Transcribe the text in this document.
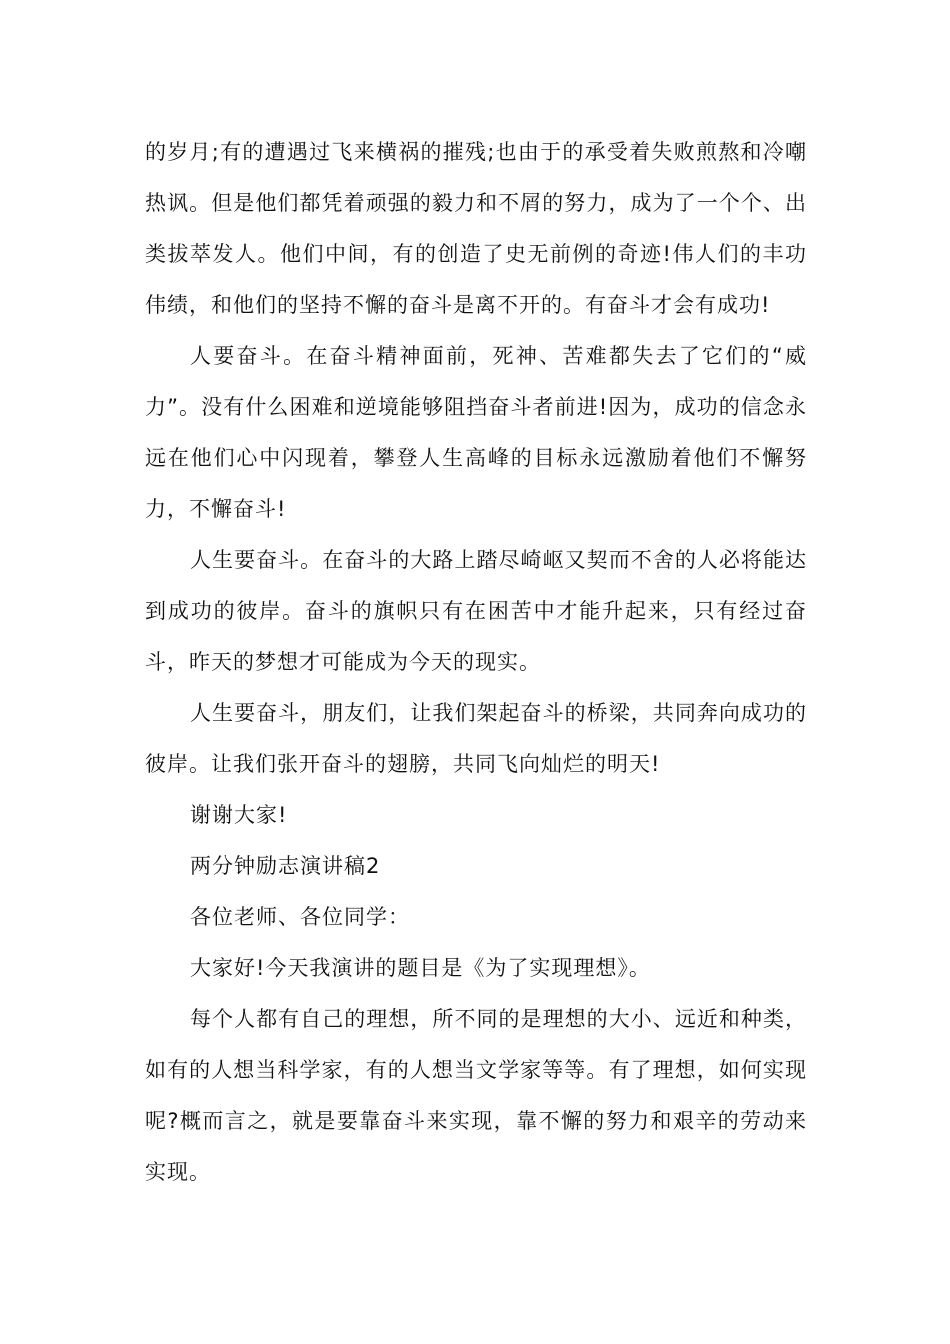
的岁月;有的遭遇过飞来横祸的摧残;也由于的承受着失败煎熬和冷嘲热讽。但是他们都凭着顽强的毅力和不屑的努力，成为了一个个、出类拔萃发人。他们中间，有的创造了史无前例的奇迹!伟人们的丰功伟绩，和他们的坚持不懈的奋斗是离不开的。有奋斗才会有成功!

人要奋斗。在奋斗精神面前，死神、苦难都失去了它们的“威力”。没有什么困难和逆境能够阻挡奋斗者前进!因为，成功的信念永远在他们心中闪现着，攀登人生高峰的目标永远激励着他们不懈努力，不懈奋斗!

人生要奋斗。在奋斗的大路上踏尽崎岖又契而不舍的人必将能达到成功的彼岸。奋斗的旗帜只有在困苦中才能升起来，只有经过奋斗，昨天的梦想才可能成为今天的现实。

人生要奋斗，朋友们，让我们架起奋斗的桥梁，共同奔向成功的彼岸。让我们张开奋斗的翅膀，共同飞向灿烂的明天!

谢谢大家!

两分钟励志演讲稿2

各位老师、各位同学：

大家好!今天我演讲的题目是《为了实现理想》。

每个人都有自己的理想，所不同的是理想的大小、远近和种类，如有的人想当科学家，有的人想当文学家等等。有了理想，如何实现呢?概而言之，就是要靠奋斗来实现，靠不懈的努力和艰辛的劳动来实现。
